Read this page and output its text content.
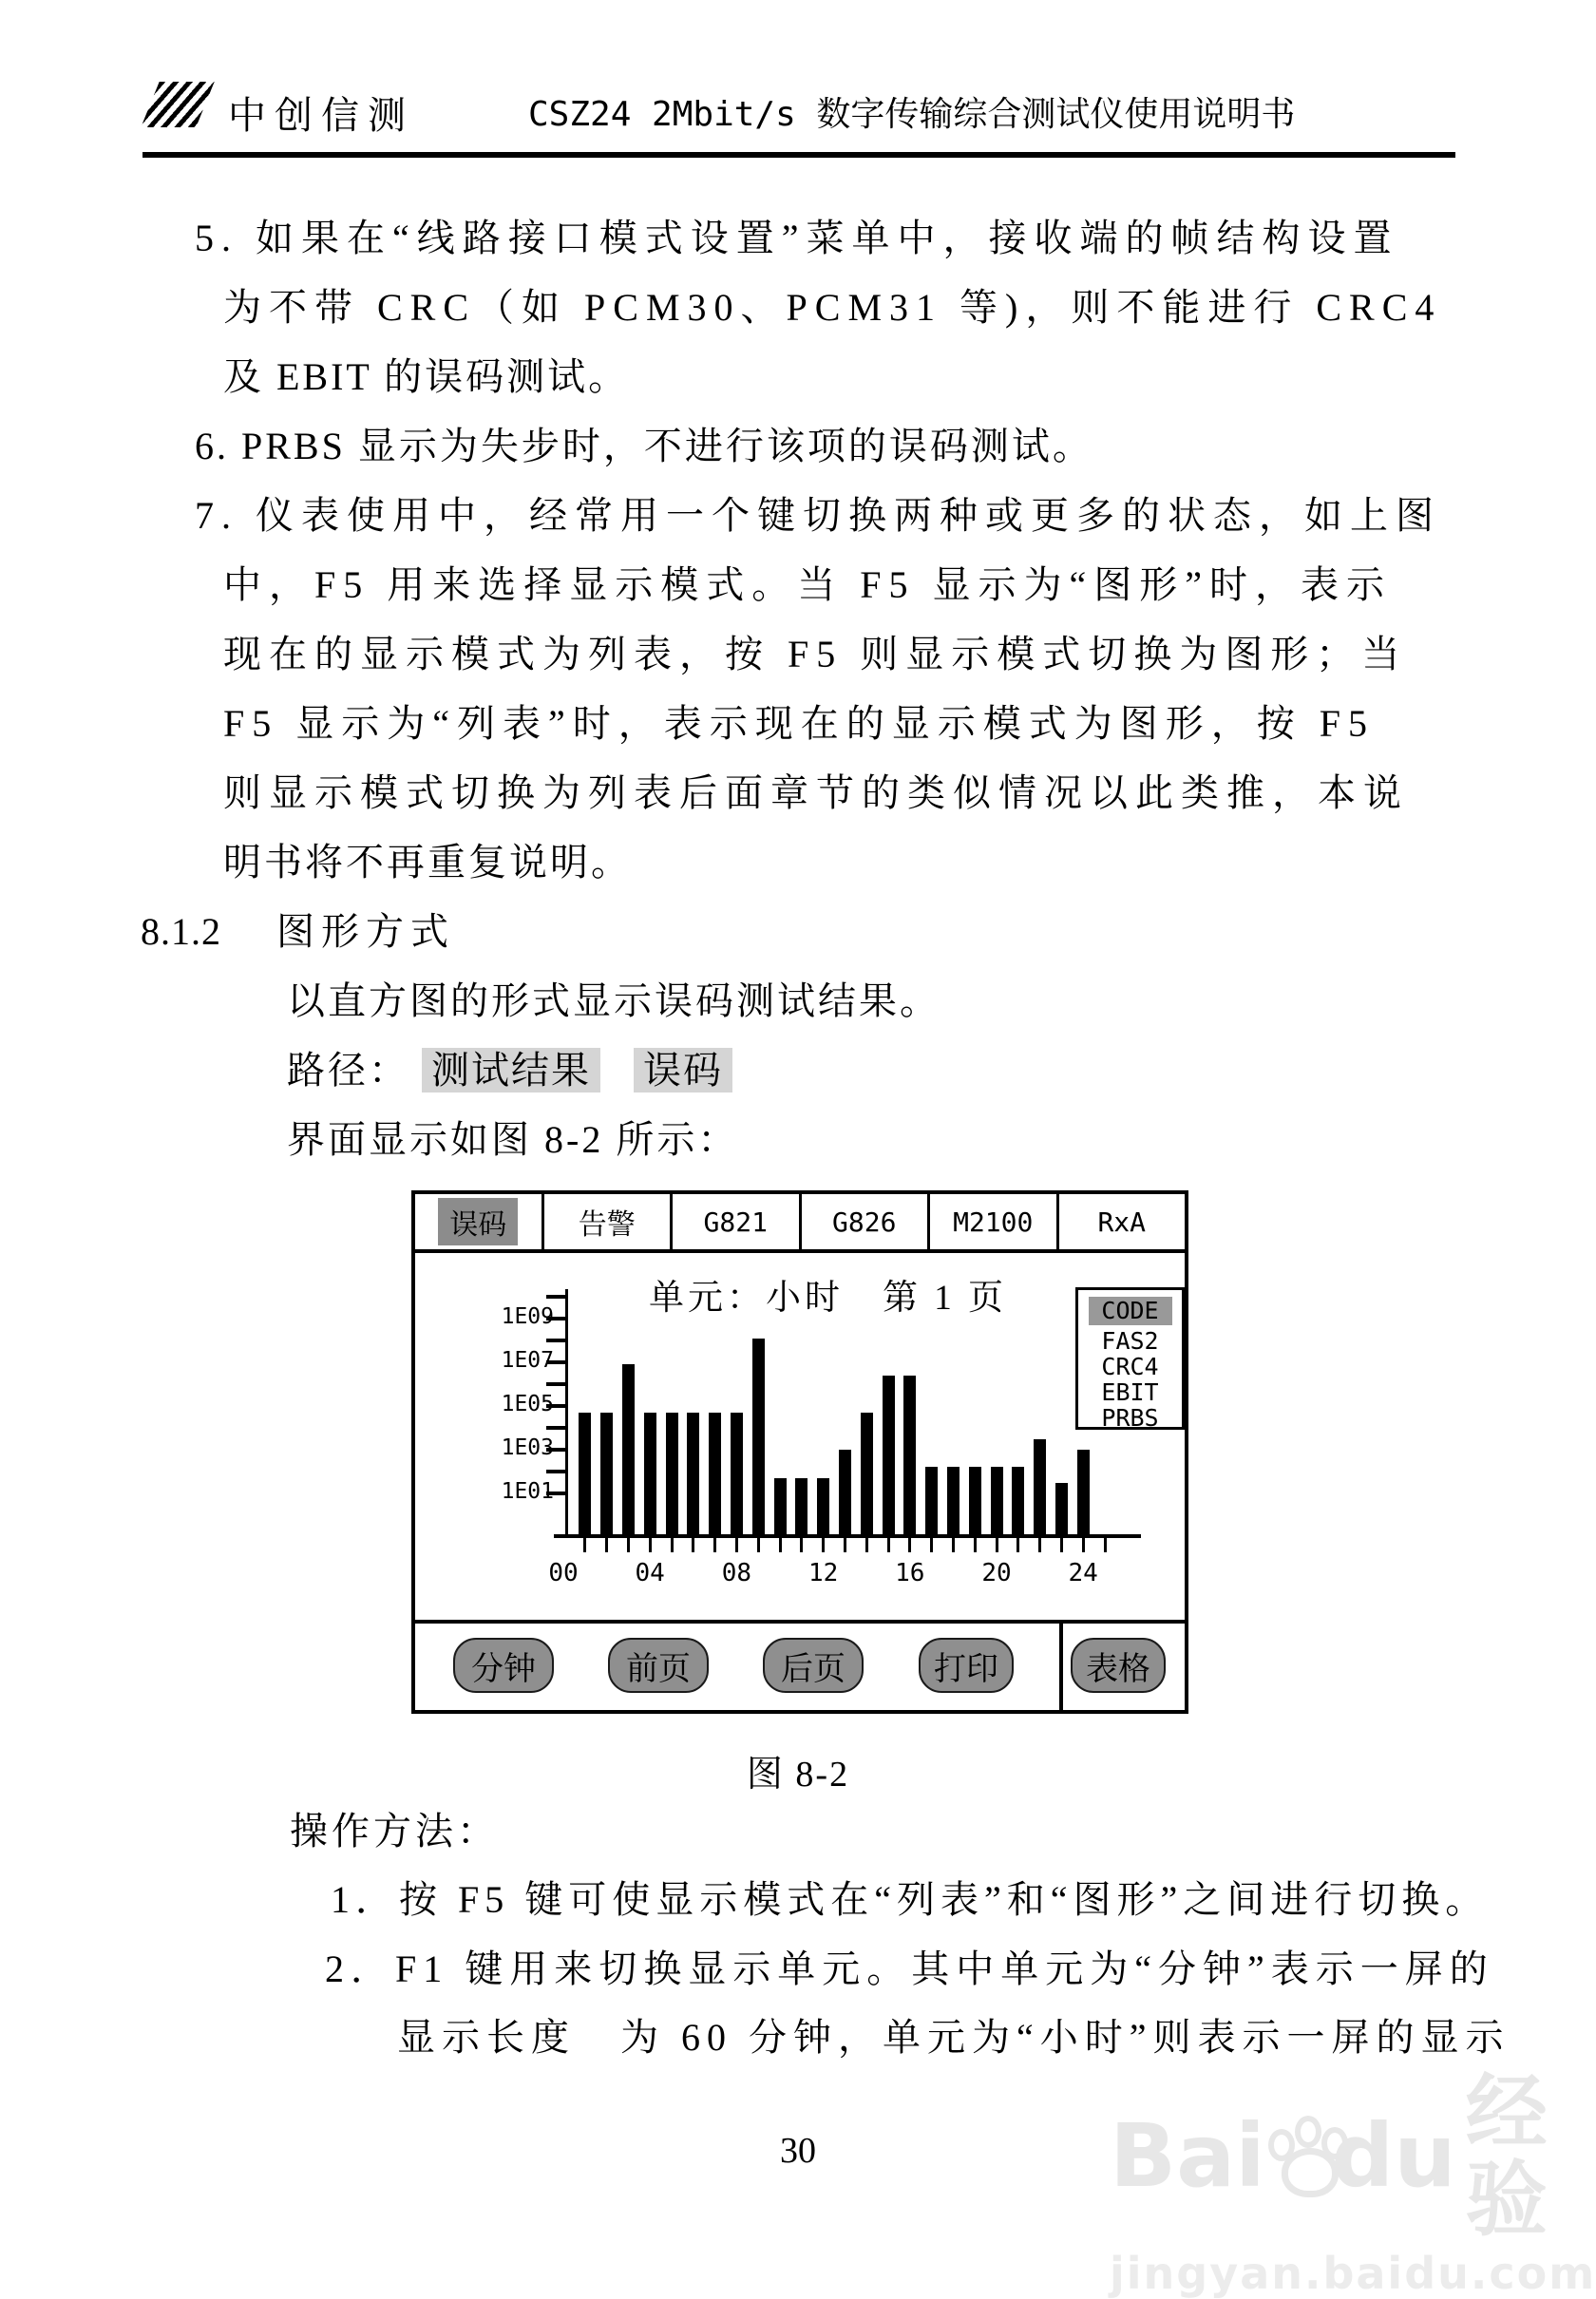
中创信测	CSZ24 2Mbit/s 数字传输综合测试仪使用说明书
5. 如果在“线路接口模式设置”菜单中，接收端的帧结构设置
为不带 CRC（如 PCM30、PCM31 等)，则不能进行 CRC4
及 EBIT 的误码测试。
6. PRBS 显示为失步时，不进行该项的误码测试。
7. 仪表使用中，经常用一个键切换两种或更多的状态，如上图
中，F5 用来选择显示模式。当 F5 显示为“图形”时，表示
现在的显示模式为列表，按 F5 则显示模式切换为图形；当
F5 显示为“列表”时，表示现在的显示模式为图形，按 F5
则显示模式切换为列表后面章节的类似情况以此类推，本说
明书将不再重复说明。
8.1.2 图形方式
以直方图的形式显示误码测试结果。
路径： 测试结果 误码
界面显示如图 8-2 所示：
误码	告警	G821	G826	M2100	RxA
单元：小时　第 1 页	CODE
FAS2
CRC4
EBIT
PRBS
1E09
1E07
1E05
1E03
1E01
00	04	08	12	16	20	24
分钟	前页	后页	打印	表格
图 8-2
操作方法：
1．按 F5 键可使显示模式在“列表”和“图形”之间进行切换。
2．F1 键用来切换显示单元。其中单元为“分钟”表示一屏的
显示长度　为 60 分钟，单元为“小时”则表示一屏的显示
30	Bai du 经验
jingyan.baidu.com
